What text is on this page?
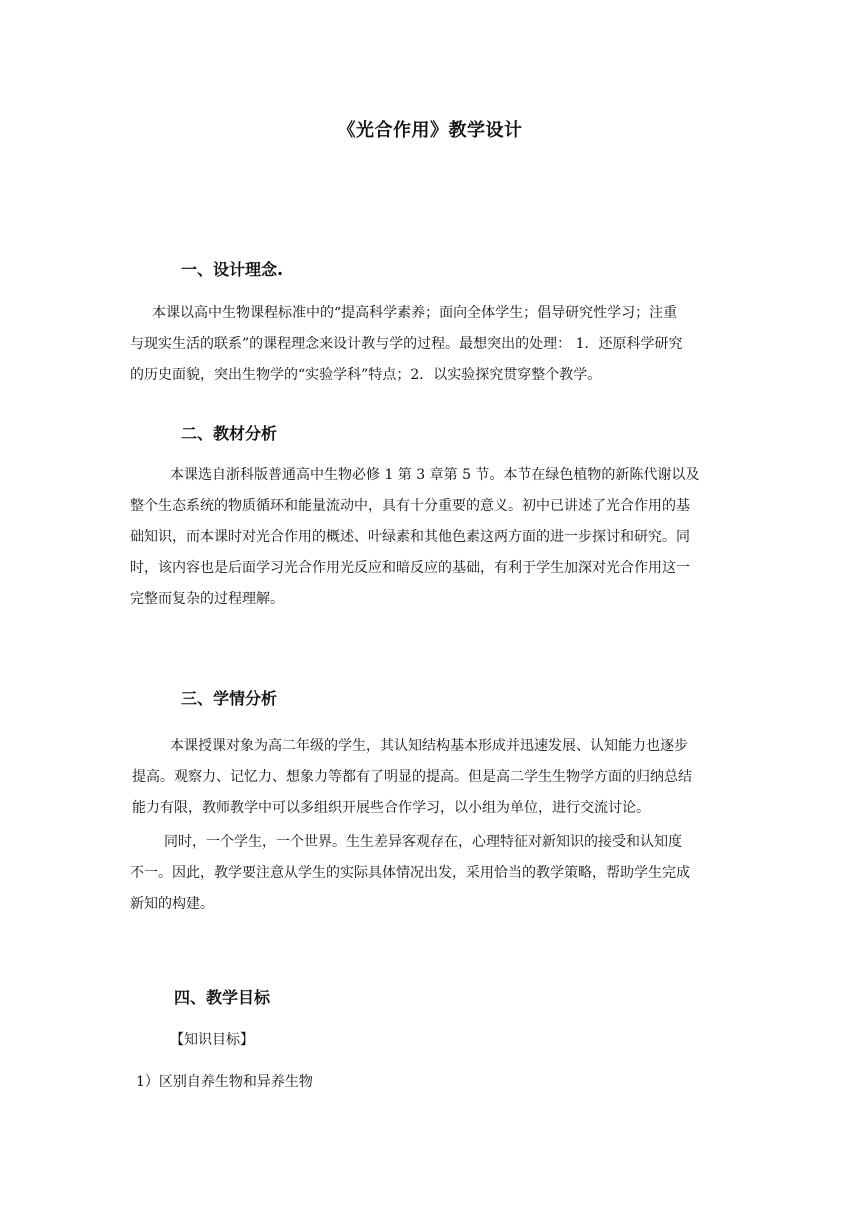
《光合作用》教学设计
一、设计理念.
本课以高中生物课程标准中的“提高科学素养；面向全体学生；倡导研究性学习；注重
与现实生活的联系”的课程理念来设计教与学的过程。最想突出的处理： 1．还原科学研究
的历史面貌，突出生物学的“实验学科”特点；2．以实验探究贯穿整个教学。
二、教材分析
本课选自浙科版普通高中生物必修 1 第 3 章第 5 节。本节在绿色植物的新陈代谢以及
整个生态系统的物质循环和能量流动中，具有十分重要的意义。初中已讲述了光合作用的基
础知识，而本课时对光合作用的概述、叶绿素和其他色素这两方面的进一步探讨和研究。同
时，该内容也是后面学习光合作用光反应和暗反应的基础，有利于学生加深对光合作用这一
完整而复杂的过程理解。
三、学情分析
本课授课对象为高二年级的学生，其认知结构基本形成并迅速发展、认知能力也逐步
提高。观察力、记忆力、想象力等都有了明显的提高。但是高二学生生物学方面的归纳总结
能力有限，教师教学中可以多组织开展些合作学习，以小组为单位，进行交流讨论。
同时，一个学生，一个世界。生生差异客观存在，心理特征对新知识的接受和认知度
不一。因此，教学要注意从学生的实际具体情况出发，采用恰当的教学策略，帮助学生完成
新知的构建。
四、教学目标
【知识目标】
1）区别自养生物和异养生物
